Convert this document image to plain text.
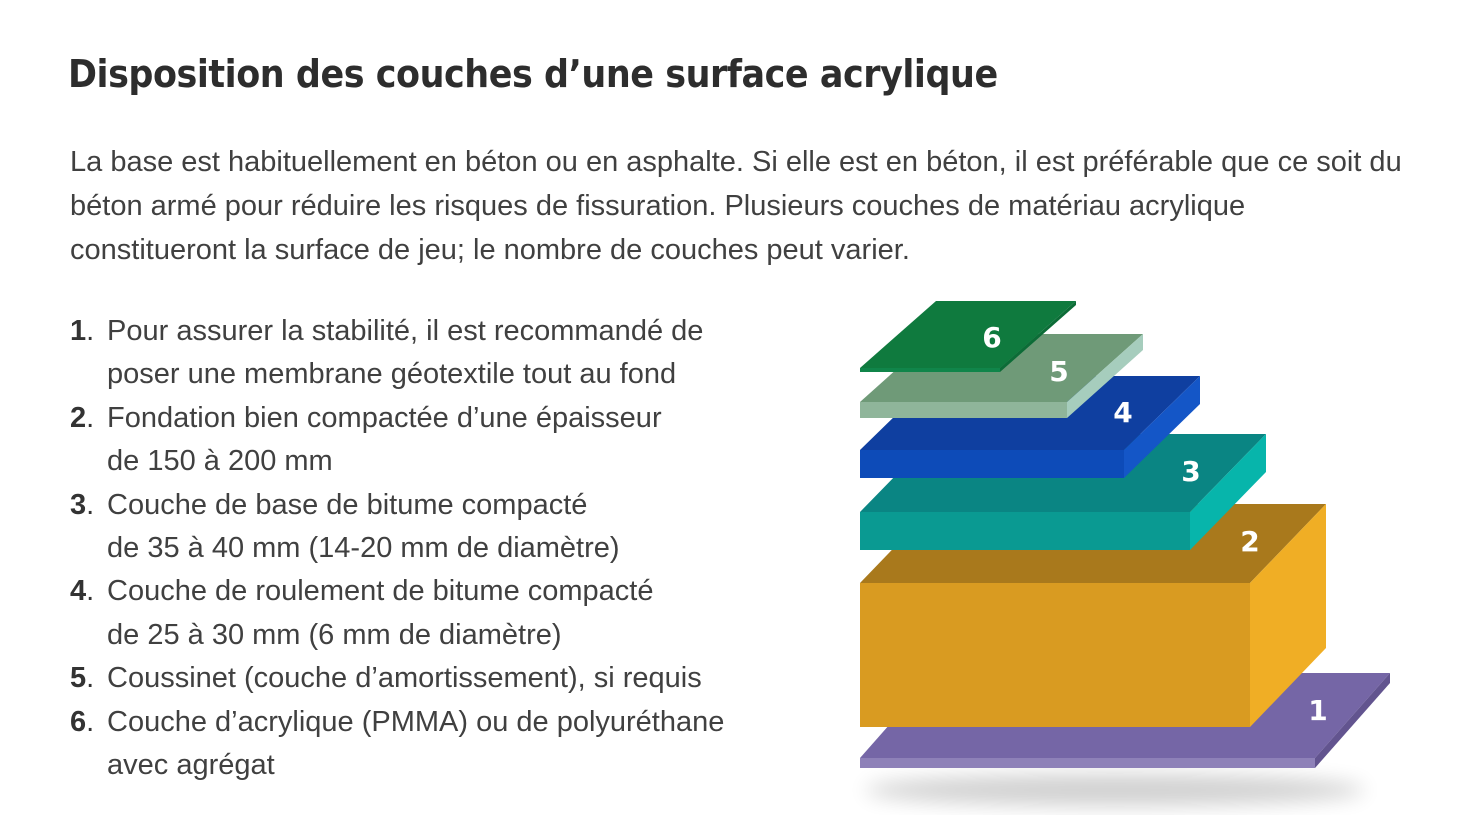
Disposition des couches d’une surface acrylique

La base est habituellement en béton ou en asphalte. Si elle est en béton, il est préférable que ce soit du béton armé pour réduire les risques de fissuration. Plusieurs couches de matériau acrylique constitueront la surface de jeu; le nombre de couches peut varier.

1. Pour assurer la stabilité, il est recommandé de
poser une membrane géotextile tout au fond
2. Fondation bien compactée d’une épaisseur
de 150 à 200 mm
3. Couche de base de bitume compacté
de 35 à 40 mm (14-20 mm de diamètre)
4. Couche de roulement de bitume compacté
de 25 à 30 mm (6 mm de diamètre)
5. Coussinet (couche d’amortissement), si requis
6. Couche d’acrylique (PMMA) ou de polyuréthane
avec agrégat
1
2
3
4
5
6
